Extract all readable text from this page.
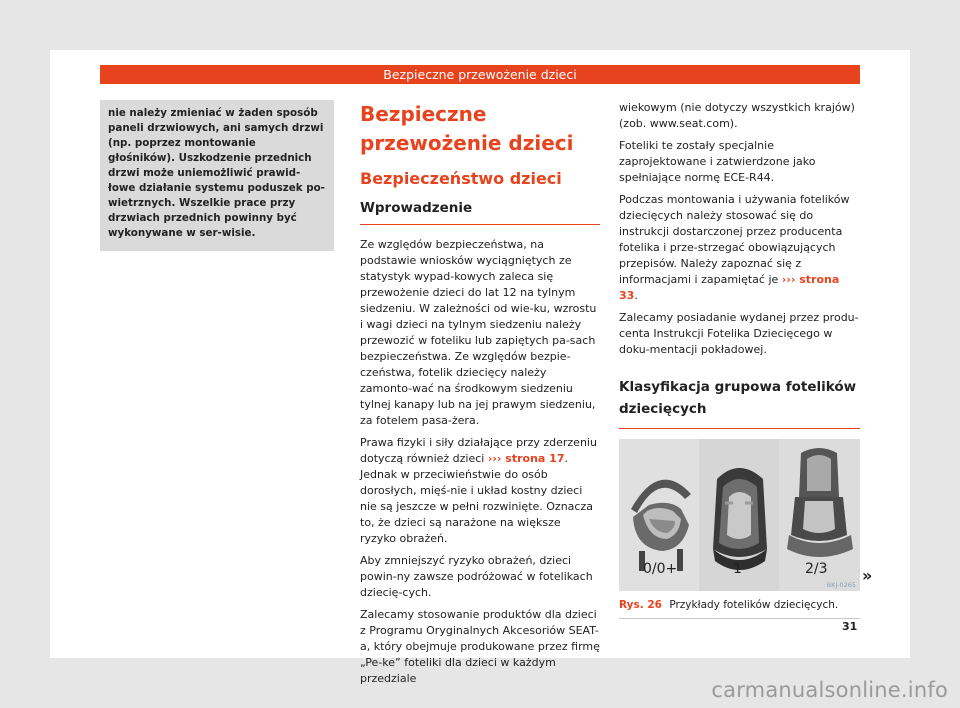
Bezpieczne przewożenie dzieci
nie należy zmieniać w żaden sposób paneli drzwiowych, ani samych drzwi (np. poprzez montowanie głośników). Uszkodzenie przednich drzwi może uniemożliwić prawid-łowe działanie systemu poduszek po-wietrznych. Wszelkie prace przy drzwiach przednich powinny być wykonywane w ser-wisie.
Bezpieczne przewożenie dzieci
Bezpieczeństwo dzieci
Wprowadzenie

Ze względów bezpieczeństwa, na podstawie wniosków wyciągniętych ze statystyk wypad-kowych zaleca się przewożenie dzieci do lat 12 na tylnym siedzeniu. W zależności od wie-ku, wzrostu i wagi dzieci na tylnym siedzeniu należy przewozić w foteliku lub zapiętych pa-sach bezpieczeństwa. Ze względów bezpie-czeństwa, fotelik dziecięcy należy zamonto-wać na środkowym siedzeniu tylnej kanapy lub na jej prawym siedzeniu, za fotelem pasa-żera.

Prawa fizyki i siły działające przy zderzeniu dotyczą również dzieci ››› strona 17. Jednak w przeciwieństwie do osób dorosłych, mięś-nie i układ kostny dzieci nie są jeszcze w pełni rozwinięte. Oznacza to, że dzieci są narażone na większe ryzyko obrażeń.

Aby zmniejszyć ryzyko obrażeń, dzieci powin-ny zawsze podróżować w fotelikach dziecię-cych.

Zalecamy stosowanie produktów dla dzieci z Programu Oryginalnych Akcesoriów SEAT-a, który obejmuje produkowane przez firmę „Pe-ke” foteliki dla dzieci w każdym przedziale

wiekowym (nie dotyczy wszystkich krajów) (zob. www.seat.com).

Foteliki te zostały specjalnie zaprojektowane i zatwierdzone jako spełniające normę ECE-R44.

Podczas montowania i używania fotelików dziecięcych należy stosować się do instrukcji dostarczonej przez producenta fotelika i prze-strzegać obowiązujących przepisów. Należy zapoznać się z informacjami i zapamiętać je ››› strona 33.

Zalecamy posiadanie wydanej przez produ-centa Instrukcji Fotelika Dziecięcego w doku-mentacji pokładowej.

Klasyfikacja grupowa fotelików dziecięcych
0/0+	1	2/3
BKJ-0265
Rys. 26 Przykłady fotelików dziecięcych.
»
31
carmanualsonline.info
